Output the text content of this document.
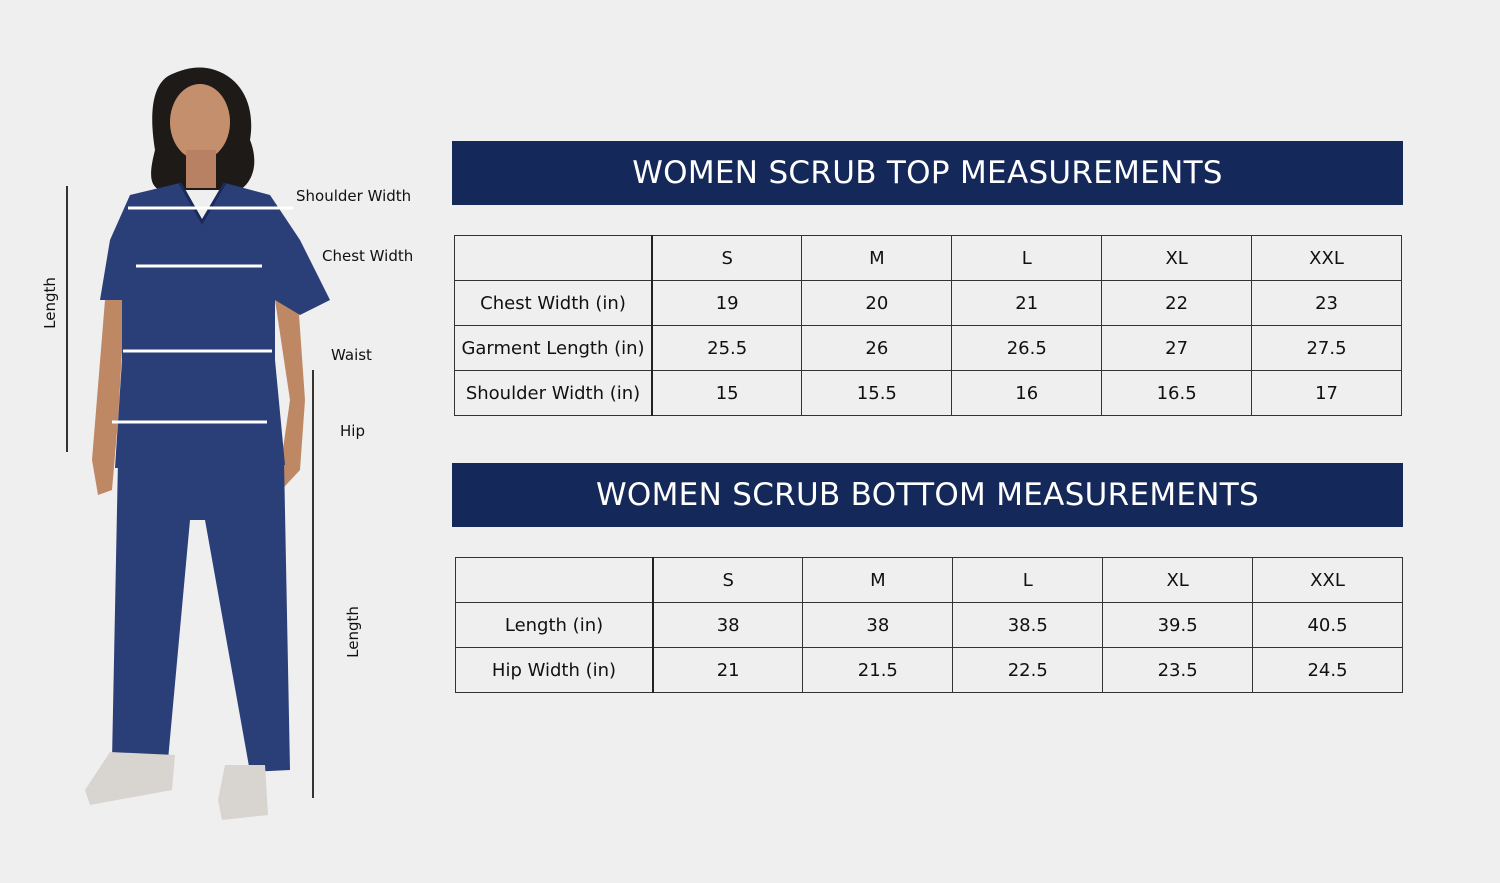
Shoulder Width
Chest Width
Waist
Hip
Length
Length
WOMEN SCRUB TOP MEASUREMENTS
	S	M	L	XL	XXL
Chest Width (in)	19	20	21	22	23
Garment Length (in)	25.5	26	26.5	27	27.5
Shoulder Width (in)	15	15.5	16	16.5	17
WOMEN SCRUB BOTTOM MEASUREMENTS
	S	M	L	XL	XXL
Length (in)	38	38	38.5	39.5	40.5
Hip Width (in)	21	21.5	22.5	23.5	24.5
